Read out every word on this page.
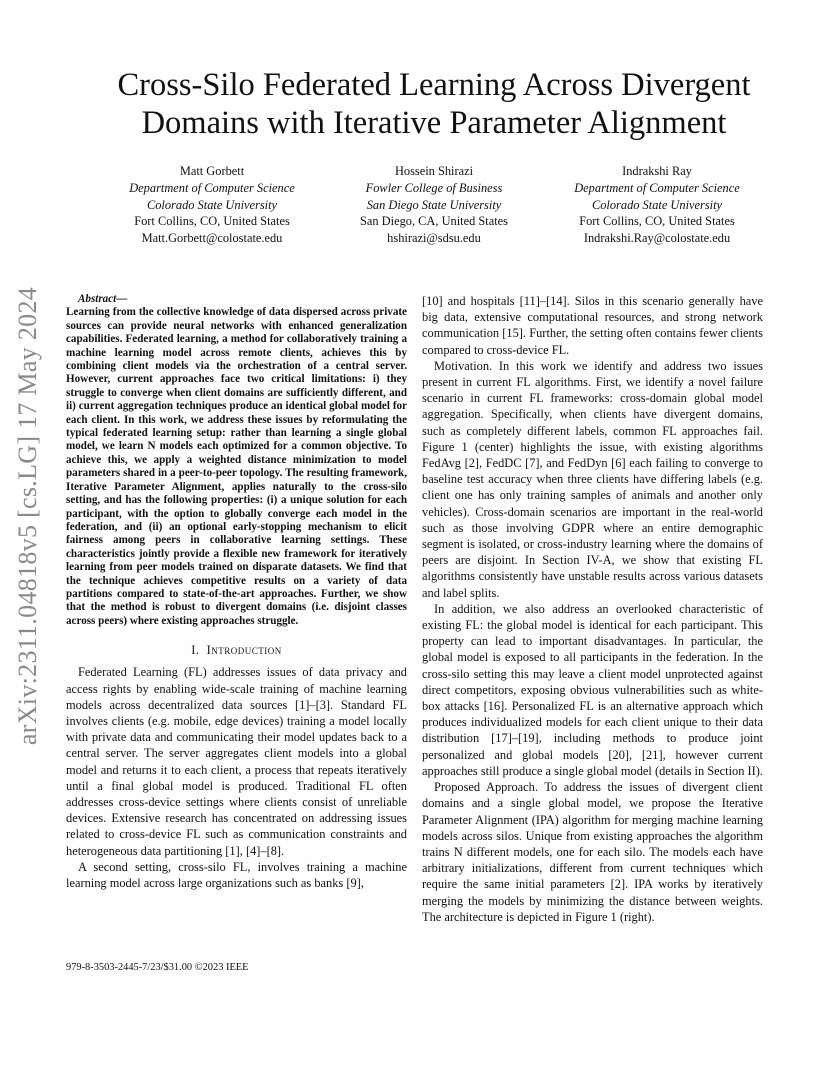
arXiv:2311.04818v5 [cs.LG] 17 May 2024
Cross-Silo Federated Learning Across Divergent Domains with Iterative Parameter Alignment
Matt Gorbett
Department of Computer Science
Colorado State University
Fort Collins, CO, United States
Matt.Gorbett@colostate.edu
Hossein Shirazi
Fowler College of Business
San Diego State University
San Diego, CA, United States
hshirazi@sdsu.edu
Indrakshi Ray
Department of Computer Science
Colorado State University
Fort Collins, CO, United States
Indrakshi.Ray@colostate.edu

Abstract—

Learning from the collective knowledge of data dispersed across private sources can provide neural networks with enhanced generalization capabilities. Federated learning, a method for collaboratively training a machine learning model across remote clients, achieves this by combining client models via the orchestration of a central server. However, current approaches face two critical limitations: i) they struggle to converge when client domains are sufficiently different, and ii) current aggregation techniques produce an identical global model for each client. In this work, we address these issues by reformulating the typical federated learning setup: rather than learning a single global model, we learn N models each optimized for a common objective. To achieve this, we apply a weighted distance minimization to model parameters shared in a peer-to-peer topology. The resulting framework, Iterative Parameter Alignment, applies naturally to the cross-silo setting, and has the following properties: (i) a unique solution for each participant, with the option to globally converge each model in the federation, and (ii) an optional early-stopping mechanism to elicit fairness among peers in collaborative learning settings. These characteristics jointly provide a flexible new framework for iteratively learning from peer models trained on disparate datasets. We find that the technique achieves competitive results on a variety of data partitions compared to state-of-the-art approaches. Further, we show that the method is robust to divergent domains (i.e. disjoint classes across peers) where existing approaches struggle.

I. Introduction

Federated Learning (FL) addresses issues of data privacy and access rights by enabling wide-scale training of machine learning models across decentralized data sources [1]–[3]. Standard FL involves clients (e.g. mobile, edge devices) training a model locally with private data and communicating their model updates back to a central server. The server aggregates client models into a global model and returns it to each client, a process that repeats iteratively until a final global model is produced. Traditional FL often addresses cross-device settings where clients consist of unreliable devices. Extensive research has concentrated on addressing issues related to cross-device FL such as communication constraints and heterogeneous data partitioning [1], [4]–[8].

A second setting, cross-silo FL, involves training a machine learning model across large organizations such as banks [9],

[10] and hospitals [11]–[14]. Silos in this scenario generally have big data, extensive computational resources, and strong network communication [15]. Further, the setting often contains fewer clients compared to cross-device FL.

Motivation. In this work we identify and address two issues present in current FL algorithms. First, we identify a novel failure scenario in current FL frameworks: cross-domain global model aggregation. Specifically, when clients have divergent domains, such as completely different labels, common FL approaches fail. Figure 1 (center) highlights the issue, with existing algorithms FedAvg [2], FedDC [7], and FedDyn [6] each failing to converge to baseline test accuracy when three clients have differing labels (e.g. client one has only training samples of animals and another only vehicles). Cross-domain scenarios are important in the real-world such as those involving GDPR where an entire demographic segment is isolated, or cross-industry learning where the domains of peers are disjoint. In Section IV-A, we show that existing FL algorithms consistently have unstable results across various datasets and label splits.

In addition, we also address an overlooked characteristic of existing FL: the global model is identical for each participant. This property can lead to important disadvantages. In particular, the global model is exposed to all participants in the federation. In the cross-silo setting this may leave a client model unprotected against direct competitors, exposing obvious vulnerabilities such as white-box attacks [16]. Personalized FL is an alternative approach which produces individualized models for each client unique to their data distribution [17]–[19], including methods to produce joint personalized and global models [20], [21], however current approaches still produce a single global model (details in Section II).

Proposed Approach. To address the issues of divergent client domains and a single global model, we propose the Iterative Parameter Alignment (IPA) algorithm for merging machine learning models across silos. Unique from existing approaches the algorithm trains N different models, one for each silo. The models each have arbitrary initializations, different from current techniques which require the same initial parameters [2]. IPA works by iteratively merging the models by minimizing the distance between weights. The architecture is depicted in Figure 1 (right).

979-8-3503-2445-7/23/$31.00 ©2023 IEEE
